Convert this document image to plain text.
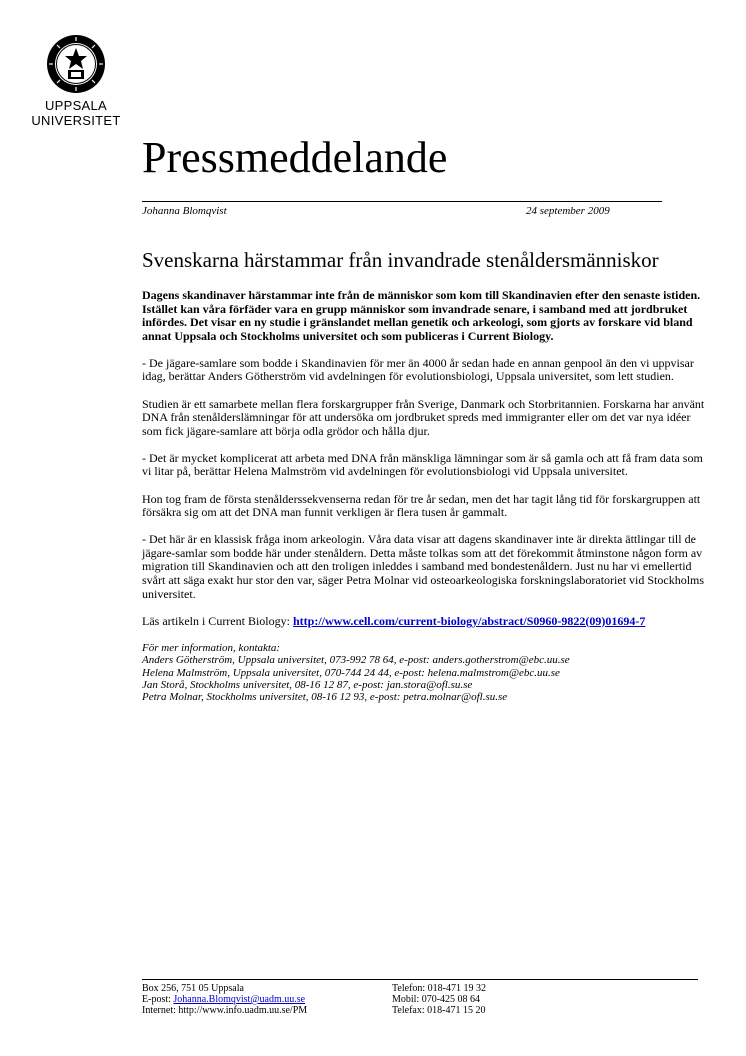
UPPSALA
UNIVERSITET
Pressmeddelande
Johanna Blomqvist	24 september 2009
Svenskarna härstammar från invandrade stenåldersmänniskor

Dagens skandinaver härstammar inte från de människor som kom till Skandinavien efter den senaste istiden. Istället kan våra förfäder vara en grupp människor som invandrade senare, i samband med att jordbruket infördes. Det visar en ny studie i gränslandet mellan genetik och arkeologi, som gjorts av forskare vid bland annat Uppsala och Stockholms universitet och som publiceras i Current Biology.

- De jägare-samlare som bodde i Skandinavien för mer än 4000 år sedan hade en annan genpool än den vi uppvisar idag, berättar Anders Götherström vid avdelningen för evolutionsbiologi, Uppsala universitet, som lett studien.

Studien är ett samarbete mellan flera forskargrupper från Sverige, Danmark och Storbritannien. Forskarna har använt DNA från stenålderslämningar för att undersöka om jordbruket spreds med immigranter eller om det var nya idéer som fick jägare-samlare att börja odla grödor och hålla djur.

- Det är mycket komplicerat att arbeta med DNA från mänskliga lämningar som är så gamla och att få fram data som vi litar på, berättar Helena Malmström vid avdelningen för evolutionsbiologi vid Uppsala universitet.

Hon tog fram de första stenålderssekvenserna redan för tre år sedan, men det har tagit lång tid för forskargruppen att försäkra sig om att det DNA man funnit verkligen är flera tusen år gammalt.

- Det här är en klassisk fråga inom arkeologin. Våra data visar att dagens skandinaver inte är direkta ättlingar till de jägare-samlar som bodde här under stenåldern. Detta måste tolkas som att det förekommit åtminstone någon form av migration till Skandinavien och att den troligen inleddes i samband med bondestenåldern. Just nu har vi emellertid svårt att säga exakt hur stor den var, säger Petra Molnar vid osteoarkeologiska forskningslaboratoriet vid Stockholms universitet.

Läs artikeln i Current Biology: http://www.cell.com/current-biology/abstract/S0960-9822(09)01694-7

För mer information, kontakta:
Anders Götherström, Uppsala universitet, 073-992 78 64, e-post: anders.gotherstrom@ebc.uu.se
Helena Malmström, Uppsala universitet, 070-744 24 44, e-post: helena.malmstrom@ebc.uu.se
Jan Storå, Stockholms universitet, 08-16 12 87, e-post: jan.stora@ofl.su.se
Petra Molnar, Stockholms universitet, 08-16 12 93, e-post: petra.molnar@ofl.su.se
Box 256, 751 05 Uppsala
E-post: Johanna.Blomqvist@uadm.uu.se
Internet: http://www.info.uadm.uu.se/PM
Telefon: 018-471 19 32
Mobil: 070-425 08 64
Telefax: 018-471 15 20
